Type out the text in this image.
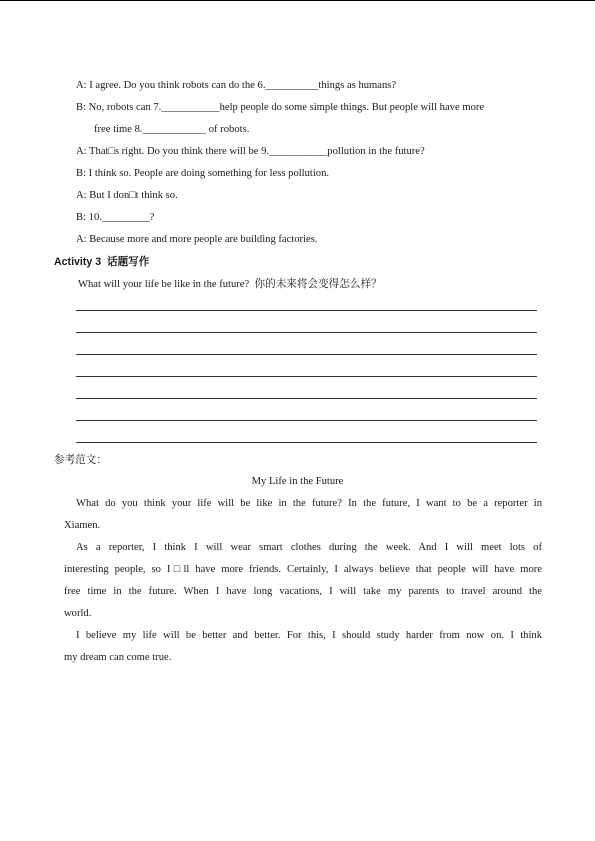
A: I agree. Do you think robots can do the 6.__________things as humans?
B: No, robots can 7.___________help people do some simple things. But people will have more
free time 8.____________ of robots.
A: That□s right. Do you think there will be 9.___________pollution in the future?
B: I think so. People are doing something for less pollution.
A: But I don□t think so.
B: 10._________?
A: Because more and more people are building factories.
Activity 3 话题写作
What will your life be like in the future? 你的未来将会变得怎么样？
参考范文：
My Life in the Future
What do you think your life will be like in the future? In the future, I want to be a reporter in
Xiamen.
As a reporter, I think I will wear smart clothes during the week. And I will meet lots of
interesting people, so I□ll have more friends. Certainly, I always believe that people will have more
free time in the future. When I have long vacations, I will take my parents to travel around the
world.
I believe my life will be better and better. For this, I should study harder from now on. I think
my dream can come true.
